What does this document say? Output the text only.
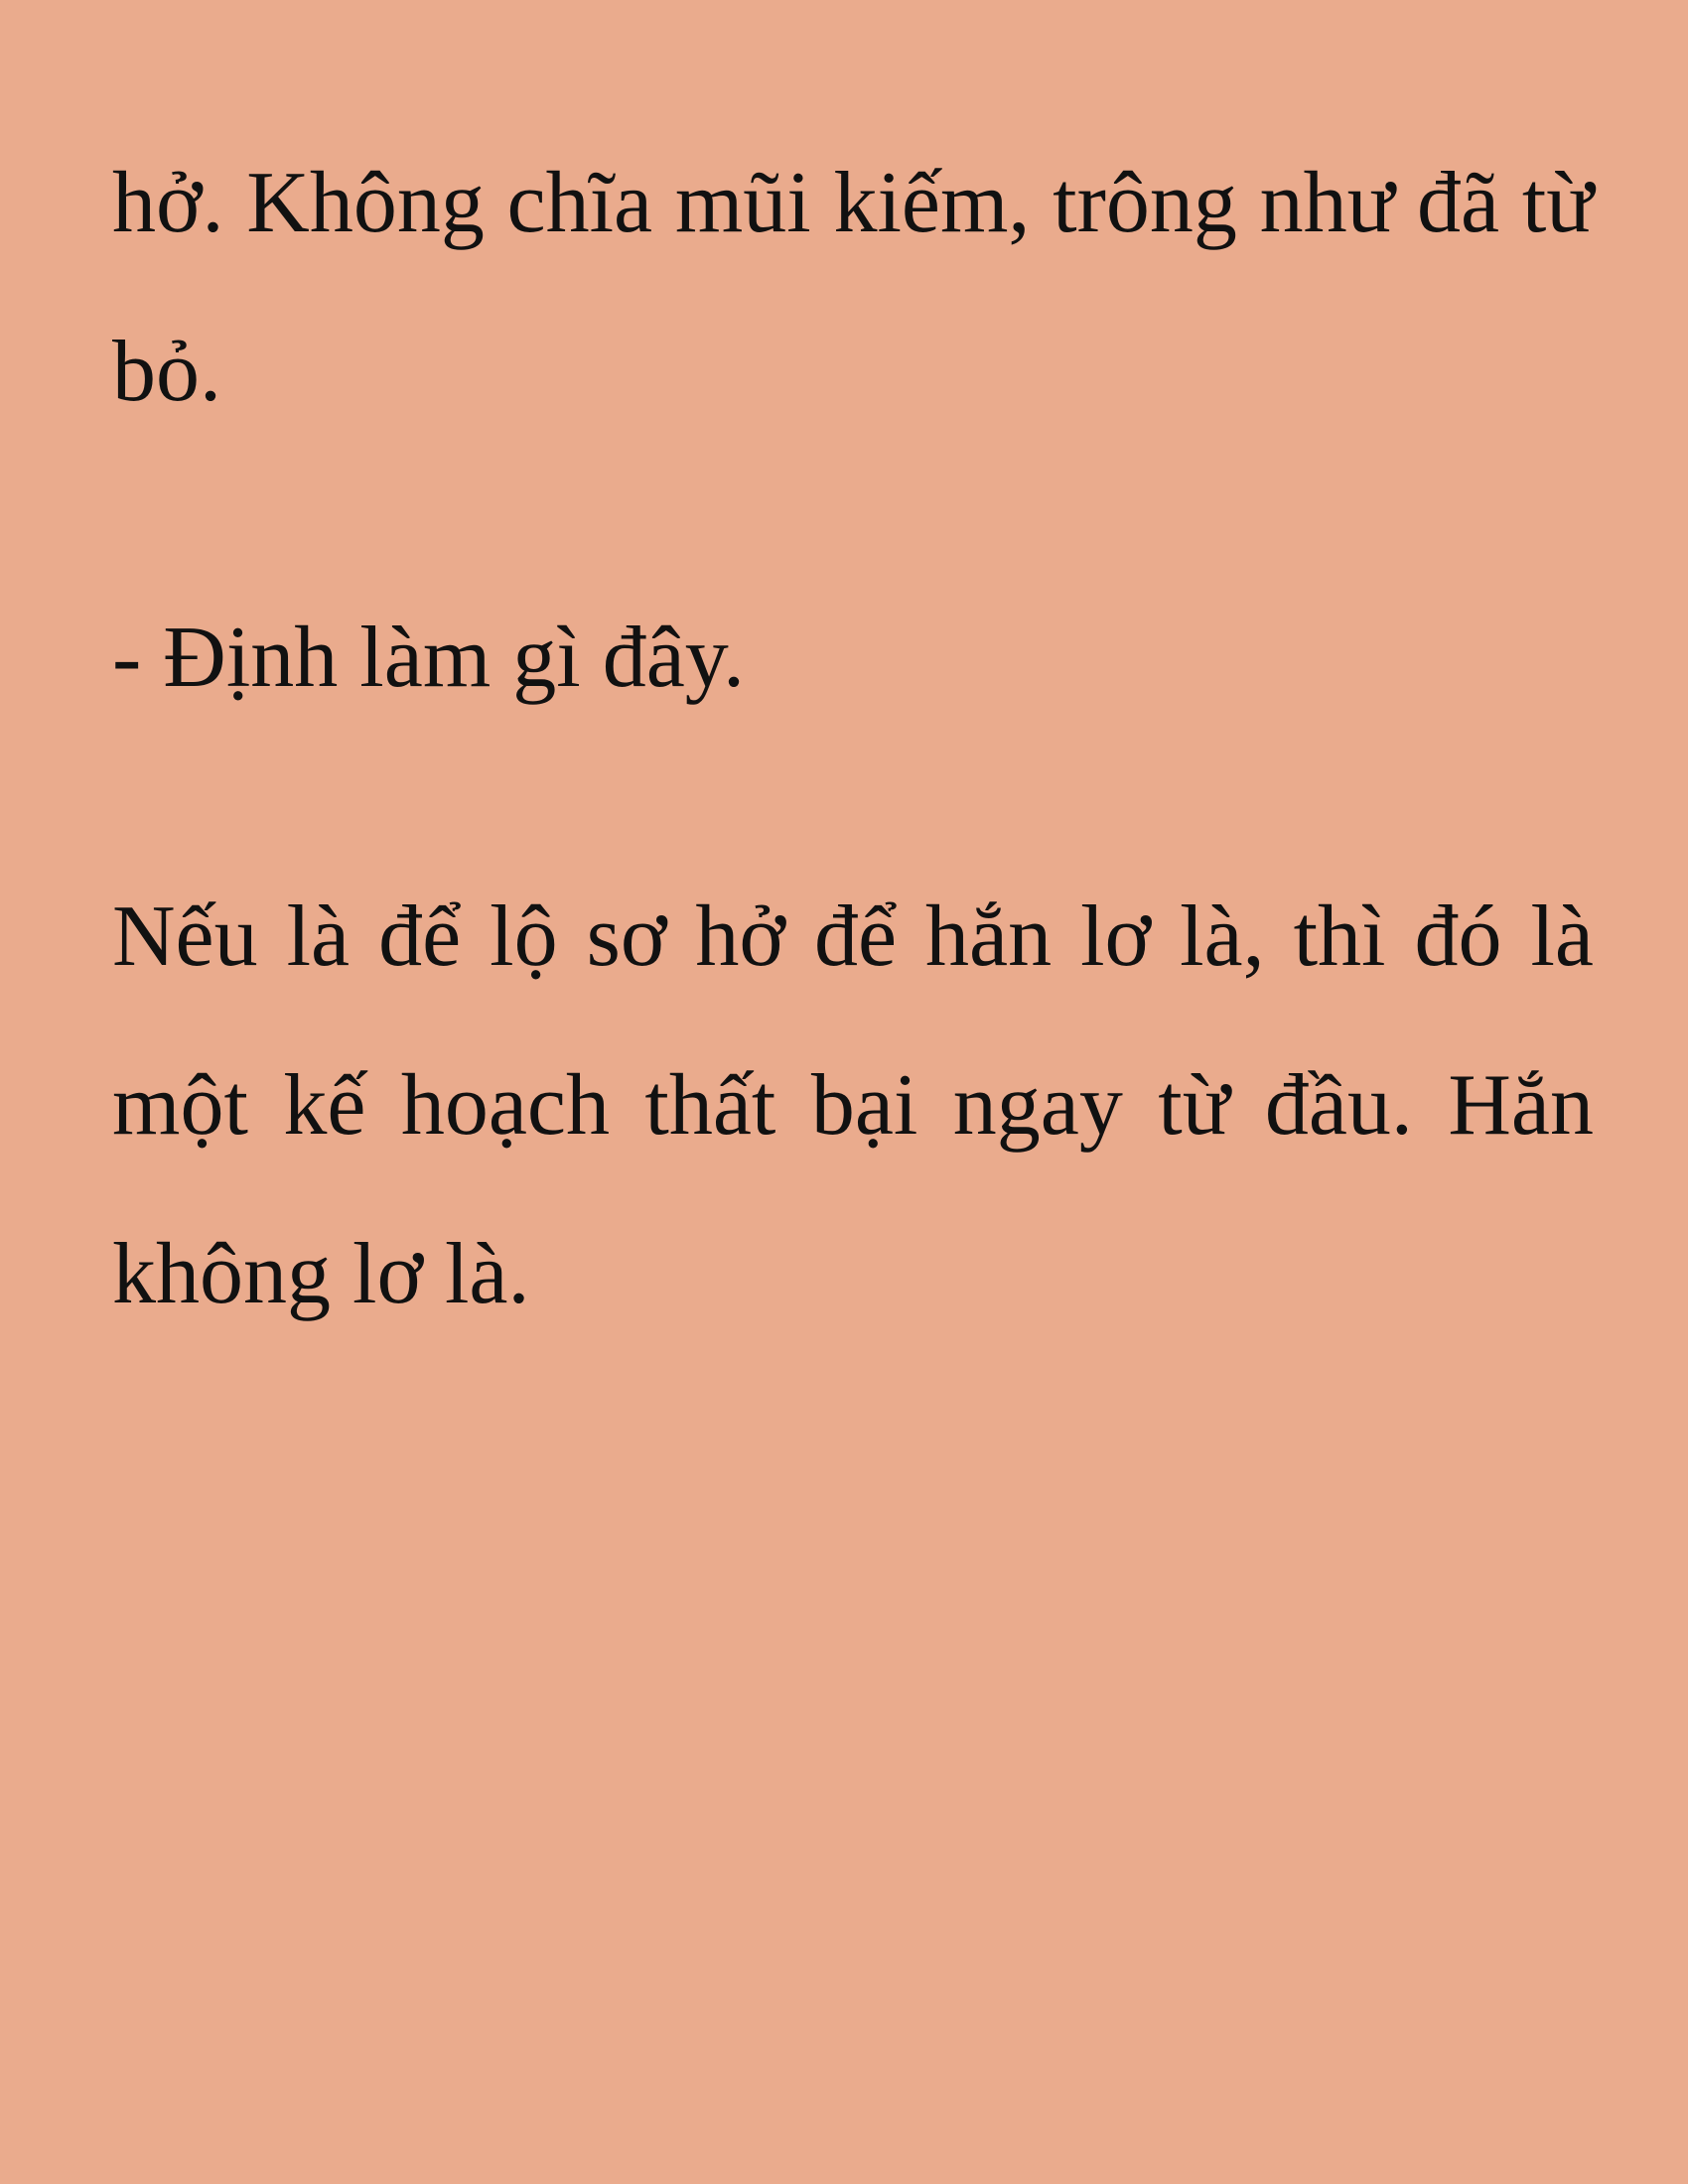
hở. Không chĩa mũi kiếm, trông như đã từ bỏ.

- Định làm gì đây.

Nếu là để lộ sơ hở để hắn lơ là, thì đó là một kế hoạch thất bại ngay từ đầu. Hắn không lơ là.
